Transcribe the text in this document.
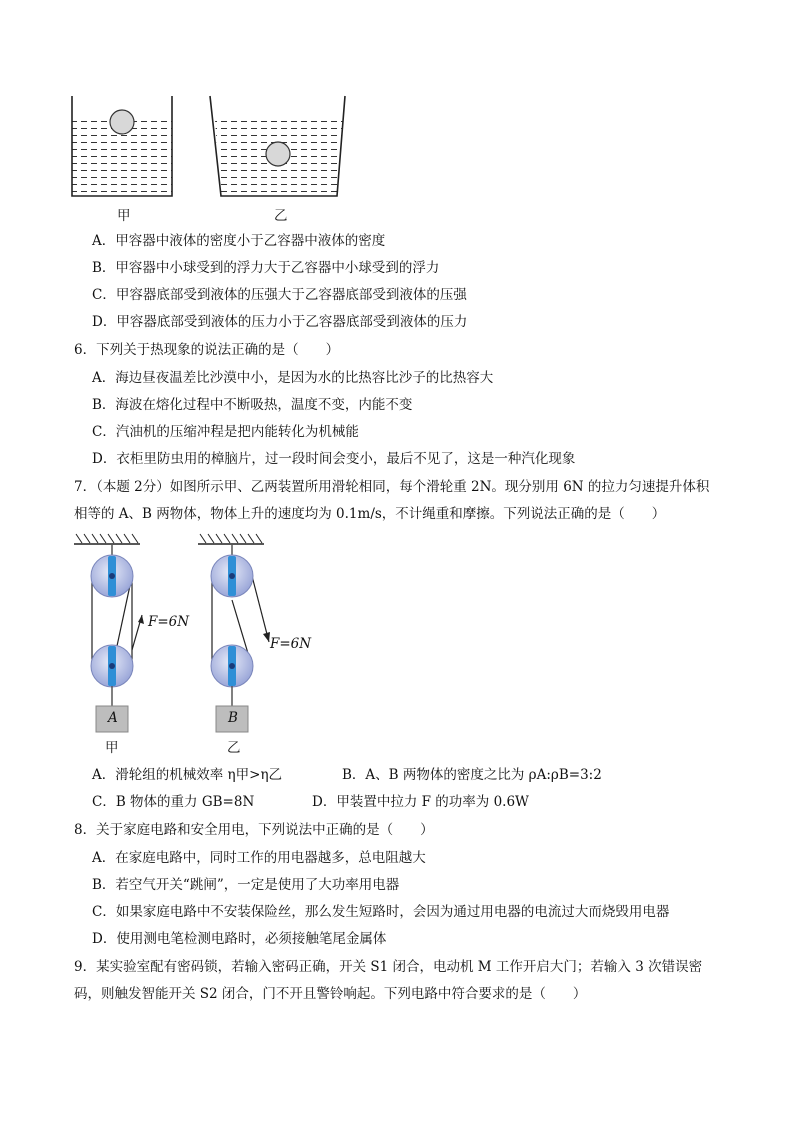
甲	乙
A．甲容器中液体的密度小于乙容器中液体的密度
B．甲容器中小球受到的浮力大于乙容器中小球受到的浮力
C．甲容器底部受到液体的压强大于乙容器底部受到液体的压强
D．甲容器底部受到液体的压力小于乙容器底部受到液体的压力
6．下列关于热现象的说法正确的是（　　）
A．海边昼夜温差比沙漠中小，是因为水的比热容比沙子的比热容大
B．海波在熔化过程中不断吸热，温度不变，内能不变
C．汽油机的压缩冲程是把内能转化为机械能
D．衣柜里防虫用的樟脑片，过一段时间会变小，最后不见了，这是一种汽化现象
7．（本题 2分）如图所示甲、乙两装置所用滑轮相同，每个滑轮重 2N。现分别用 6N 的拉力匀速提升体积
相等的 A、B 两物体，物体上升的速度均为 0.1m/s，不计绳重和摩擦。下列说法正确的是（　　）
F=6N
F=6N
A	B
甲	乙
A．滑轮组的机械效率 η甲>η乙	B．A、B 两物体的密度之比为 ρA:ρB=3:2
C．B 物体的重力 GB=8N	D．甲装置中拉力 F 的功率为 0.6W
8．关于家庭电路和安全用电，下列说法中正确的是（　　）
A．在家庭电路中，同时工作的用电器越多，总电阻越大
B．若空气开关“跳闸”，一定是使用了大功率用电器
C．如果家庭电路中不安装保险丝，那么发生短路时，会因为通过用电器的电流过大而烧毁用电器
D．使用测电笔检测电路时，必须接触笔尾金属体
9．某实验室配有密码锁，若输入密码正确，开关 S1 闭合，电动机 M 工作开启大门；若输入 3 次错误密
码，则触发智能开关 S2 闭合，门不开且警铃响起。下列电路中符合要求的是（　　）
